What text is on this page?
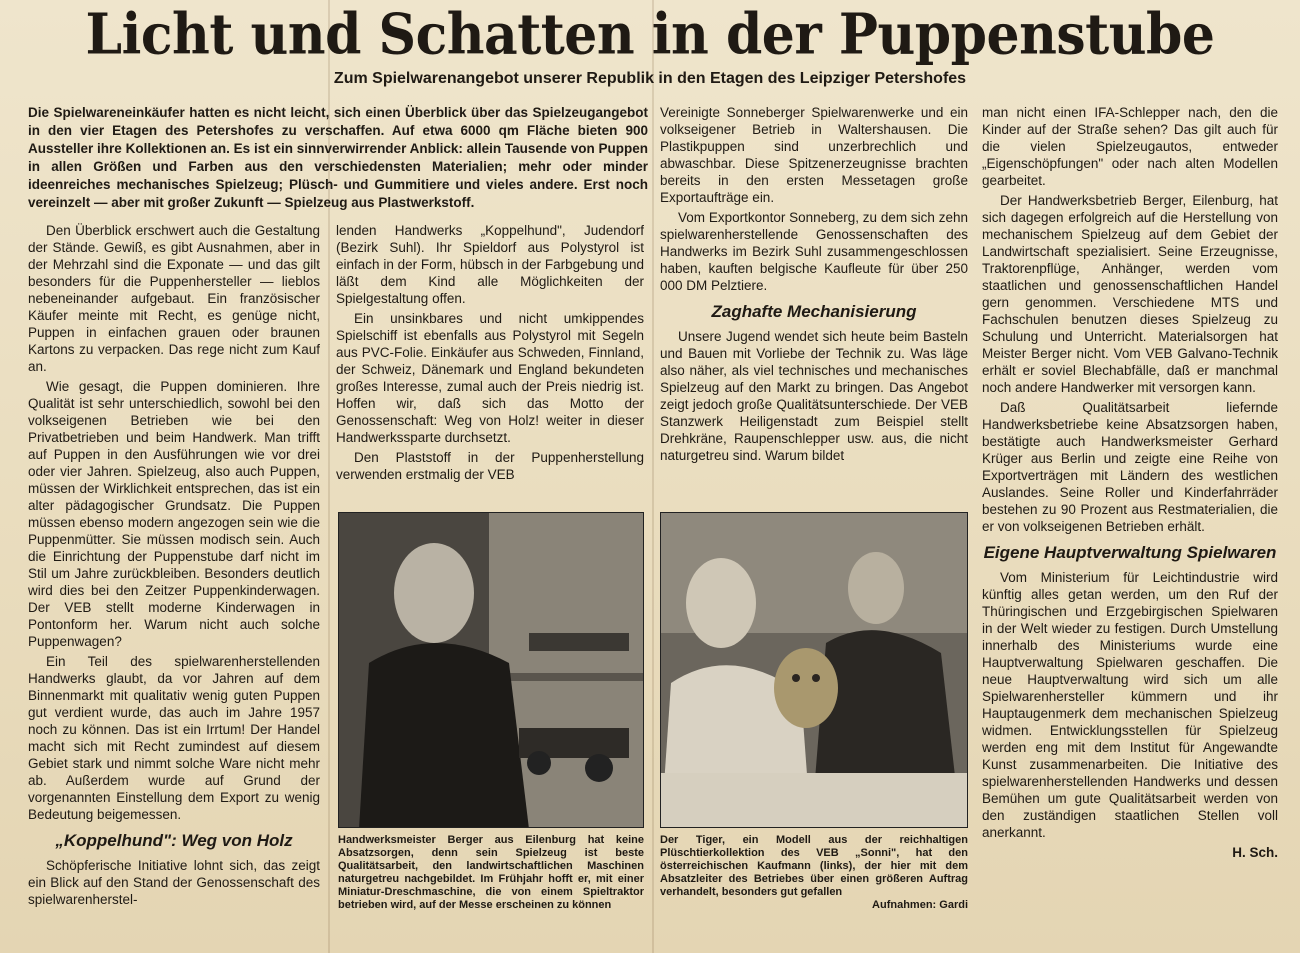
Licht und Schatten in der Puppenstube
Zum Spielwarenangebot unserer Republik in den Etagen des Leipziger Petershofes
Die Spielwareneinkäufer hatten es nicht leicht, sich einen Überblick über das Spielzeugangebot in den vier Etagen des Petershofes zu verschaffen. Auf etwa 6000 qm Fläche bieten 900 Aussteller ihre Kollektionen an. Es ist ein sinnverwirrender Anblick: allein Tausende von Puppen in allen Größen und Farben aus den verschiedensten Materialien; mehr oder minder ideenreiches mechanisches Spielzeug; Plüsch- und Gummitiere und vieles andere. Erst noch vereinzelt — aber mit großer Zukunft — Spielzeug aus Plastwerkstoff.

Den Überblick erschwert auch die Gestaltung der Stände. Gewiß, es gibt Ausnahmen, aber in der Mehrzahl sind die Exponate — und das gilt besonders für die Puppenhersteller — lieblos nebeneinander aufgebaut. Ein französischer Käufer meinte mit Recht, es genüge nicht, Puppen in einfachen grauen oder braunen Kartons zu verpacken. Das rege nicht zum Kauf an.

Wie gesagt, die Puppen dominieren. Ihre Qualität ist sehr unterschiedlich, sowohl bei den volkseigenen Betrieben wie bei den Privatbetrieben und beim Handwerk. Man trifft auf Puppen in den Ausführungen wie vor drei oder vier Jahren. Spielzeug, also auch Puppen, müssen der Wirklichkeit entsprechen, das ist ein alter pädagogischer Grundsatz. Die Puppen müssen ebenso modern angezogen sein wie die Puppenmütter. Sie müssen modisch sein. Auch die Einrichtung der Puppenstube darf nicht im Stil um Jahre zurückbleiben. Besonders deutlich wird dies bei den Zeitzer Puppenkinderwagen. Der VEB stellt moderne Kinderwagen in Pontonform her. Warum nicht auch solche Puppenwagen?

Ein Teil des spielwarenherstellenden Handwerks glaubt, da vor Jahren auf dem Binnenmarkt mit qualitativ wenig guten Puppen gut verdient wurde, das auch im Jahre 1957 noch zu können. Das ist ein Irrtum! Der Handel macht sich mit Recht zumindest auf diesem Gebiet stark und nimmt solche Ware nicht mehr ab. Außerdem wurde auf Grund der vorgenannten Einstellung dem Export zu wenig Bedeutung beigemessen.

„Koppelhund": Weg von Holz

Schöpferische Initiative lohnt sich, das zeigt ein Blick auf den Stand der Genossenschaft des spielwarenherstel-

lenden Handwerks „Koppelhund", Judendorf (Bezirk Suhl). Ihr Spieldorf aus Polystyrol ist einfach in der Form, hübsch in der Farbgebung und läßt dem Kind alle Möglichkeiten der Spielgestaltung offen.

Ein unsinkbares und nicht umkippendes Spielschiff ist ebenfalls aus Polystyrol mit Segeln aus PVC-Folie. Einkäufer aus Schweden, Finnland, der Schweiz, Dänemark und England bekundeten großes Interesse, zumal auch der Preis niedrig ist. Hoffen wir, daß sich das Motto der Genossenschaft: Weg von Holz! weiter in dieser Handwerkssparte durchsetzt.

Den Plaststoff in der Puppenherstellung verwenden erstmalig der VEB

Vereinigte Sonneberger Spielwarenwerke und ein volkseigener Betrieb in Waltershausen. Die Plastikpuppen sind unzerbrechlich und abwaschbar. Diese Spitzenerzeugnisse brachten bereits in den ersten Messetagen große Exportaufträge ein.

Vom Exportkontor Sonneberg, zu dem sich zehn spielwarenherstellende Genossenschaften des Handwerks im Bezirk Suhl zusammengeschlossen haben, kauften belgische Kaufleute für über 250 000 DM Pelztiere.

Zaghafte Mechanisierung

Unsere Jugend wendet sich heute beim Basteln und Bauen mit Vorliebe der Technik zu. Was läge also näher, als viel technisches und mechanisches Spielzeug auf den Markt zu bringen. Das Angebot zeigt jedoch große Qualitätsunterschiede. Der VEB Stanzwerk Heiligenstadt zum Beispiel stellt Drehkräne, Raupenschlepper usw. aus, die nicht naturgetreu sind. Warum bildet

man nicht einen IFA-Schlepper nach, den die Kinder auf der Straße sehen? Das gilt auch für die vielen Spielzeugautos, entweder „Eigenschöpfungen" oder nach alten Modellen gearbeitet.

Der Handwerksbetrieb Berger, Eilenburg, hat sich dagegen erfolgreich auf die Herstellung von mechanischem Spielzeug auf dem Gebiet der Landwirtschaft spezialisiert. Seine Erzeugnisse, Traktorenpflüge, Anhänger, werden vom staatlichen und genossenschaftlichen Handel gern genommen. Verschiedene MTS und Fachschulen benutzen dieses Spielzeug zu Schulung und Unterricht. Materialsorgen hat Meister Berger nicht. Vom VEB Galvano-Technik erhält er soviel Blechabfälle, daß er manchmal noch andere Handwerker mit versorgen kann.

Daß Qualitätsarbeit liefernde Handwerksbetriebe keine Absatzsorgen haben, bestätigte auch Handwerksmeister Gerhard Krüger aus Berlin und zeigte eine Reihe von Exportverträgen mit Ländern des westlichen Auslandes. Seine Roller und Kinderfahrräder bestehen zu 90 Prozent aus Restmaterialien, die er von volkseigenen Betrieben erhält.

Eigene Hauptverwaltung Spielwaren

Vom Ministerium für Leichtindustrie wird künftig alles getan werden, um den Ruf der Thüringischen und Erzgebirgischen Spielwaren in der Welt wieder zu festigen. Durch Umstellung innerhalb des Ministeriums wurde eine Hauptverwaltung Spielwaren geschaffen. Die neue Hauptverwaltung wird sich um alle Spielwarenhersteller kümmern und ihr Hauptaugenmerk dem mechanischen Spielzeug widmen. Entwicklungsstellen für Spielzeug werden eng mit dem Institut für Angewandte Kunst zusammenarbeiten. Die Initiative des spielwarenherstellenden Handwerks und dessen Bemühen um gute Qualitätsarbeit werden von den zuständigen staatlichen Stellen voll anerkannt.

H. Sch.
Handwerksmeister Berger aus Eilenburg hat keine Absatzsorgen, denn sein Spielzeug ist beste Qualitätsarbeit, den landwirtschaftlichen Maschinen naturgetreu nachgebildet. Im Frühjahr hofft er, mit einer Miniatur-Dreschmaschine, die von einem Spieltraktor betrieben wird, auf der Messe erscheinen zu können
Der Tiger, ein Modell aus der reichhaltigen Plüschtierkollektion des VEB „Sonni", hat den österreichischen Kaufmann (links), der hier mit dem Absatzleiter des Betriebes über einen größeren Auftrag verhandelt, besonders gut gefallen
Aufnahmen: Gardi
